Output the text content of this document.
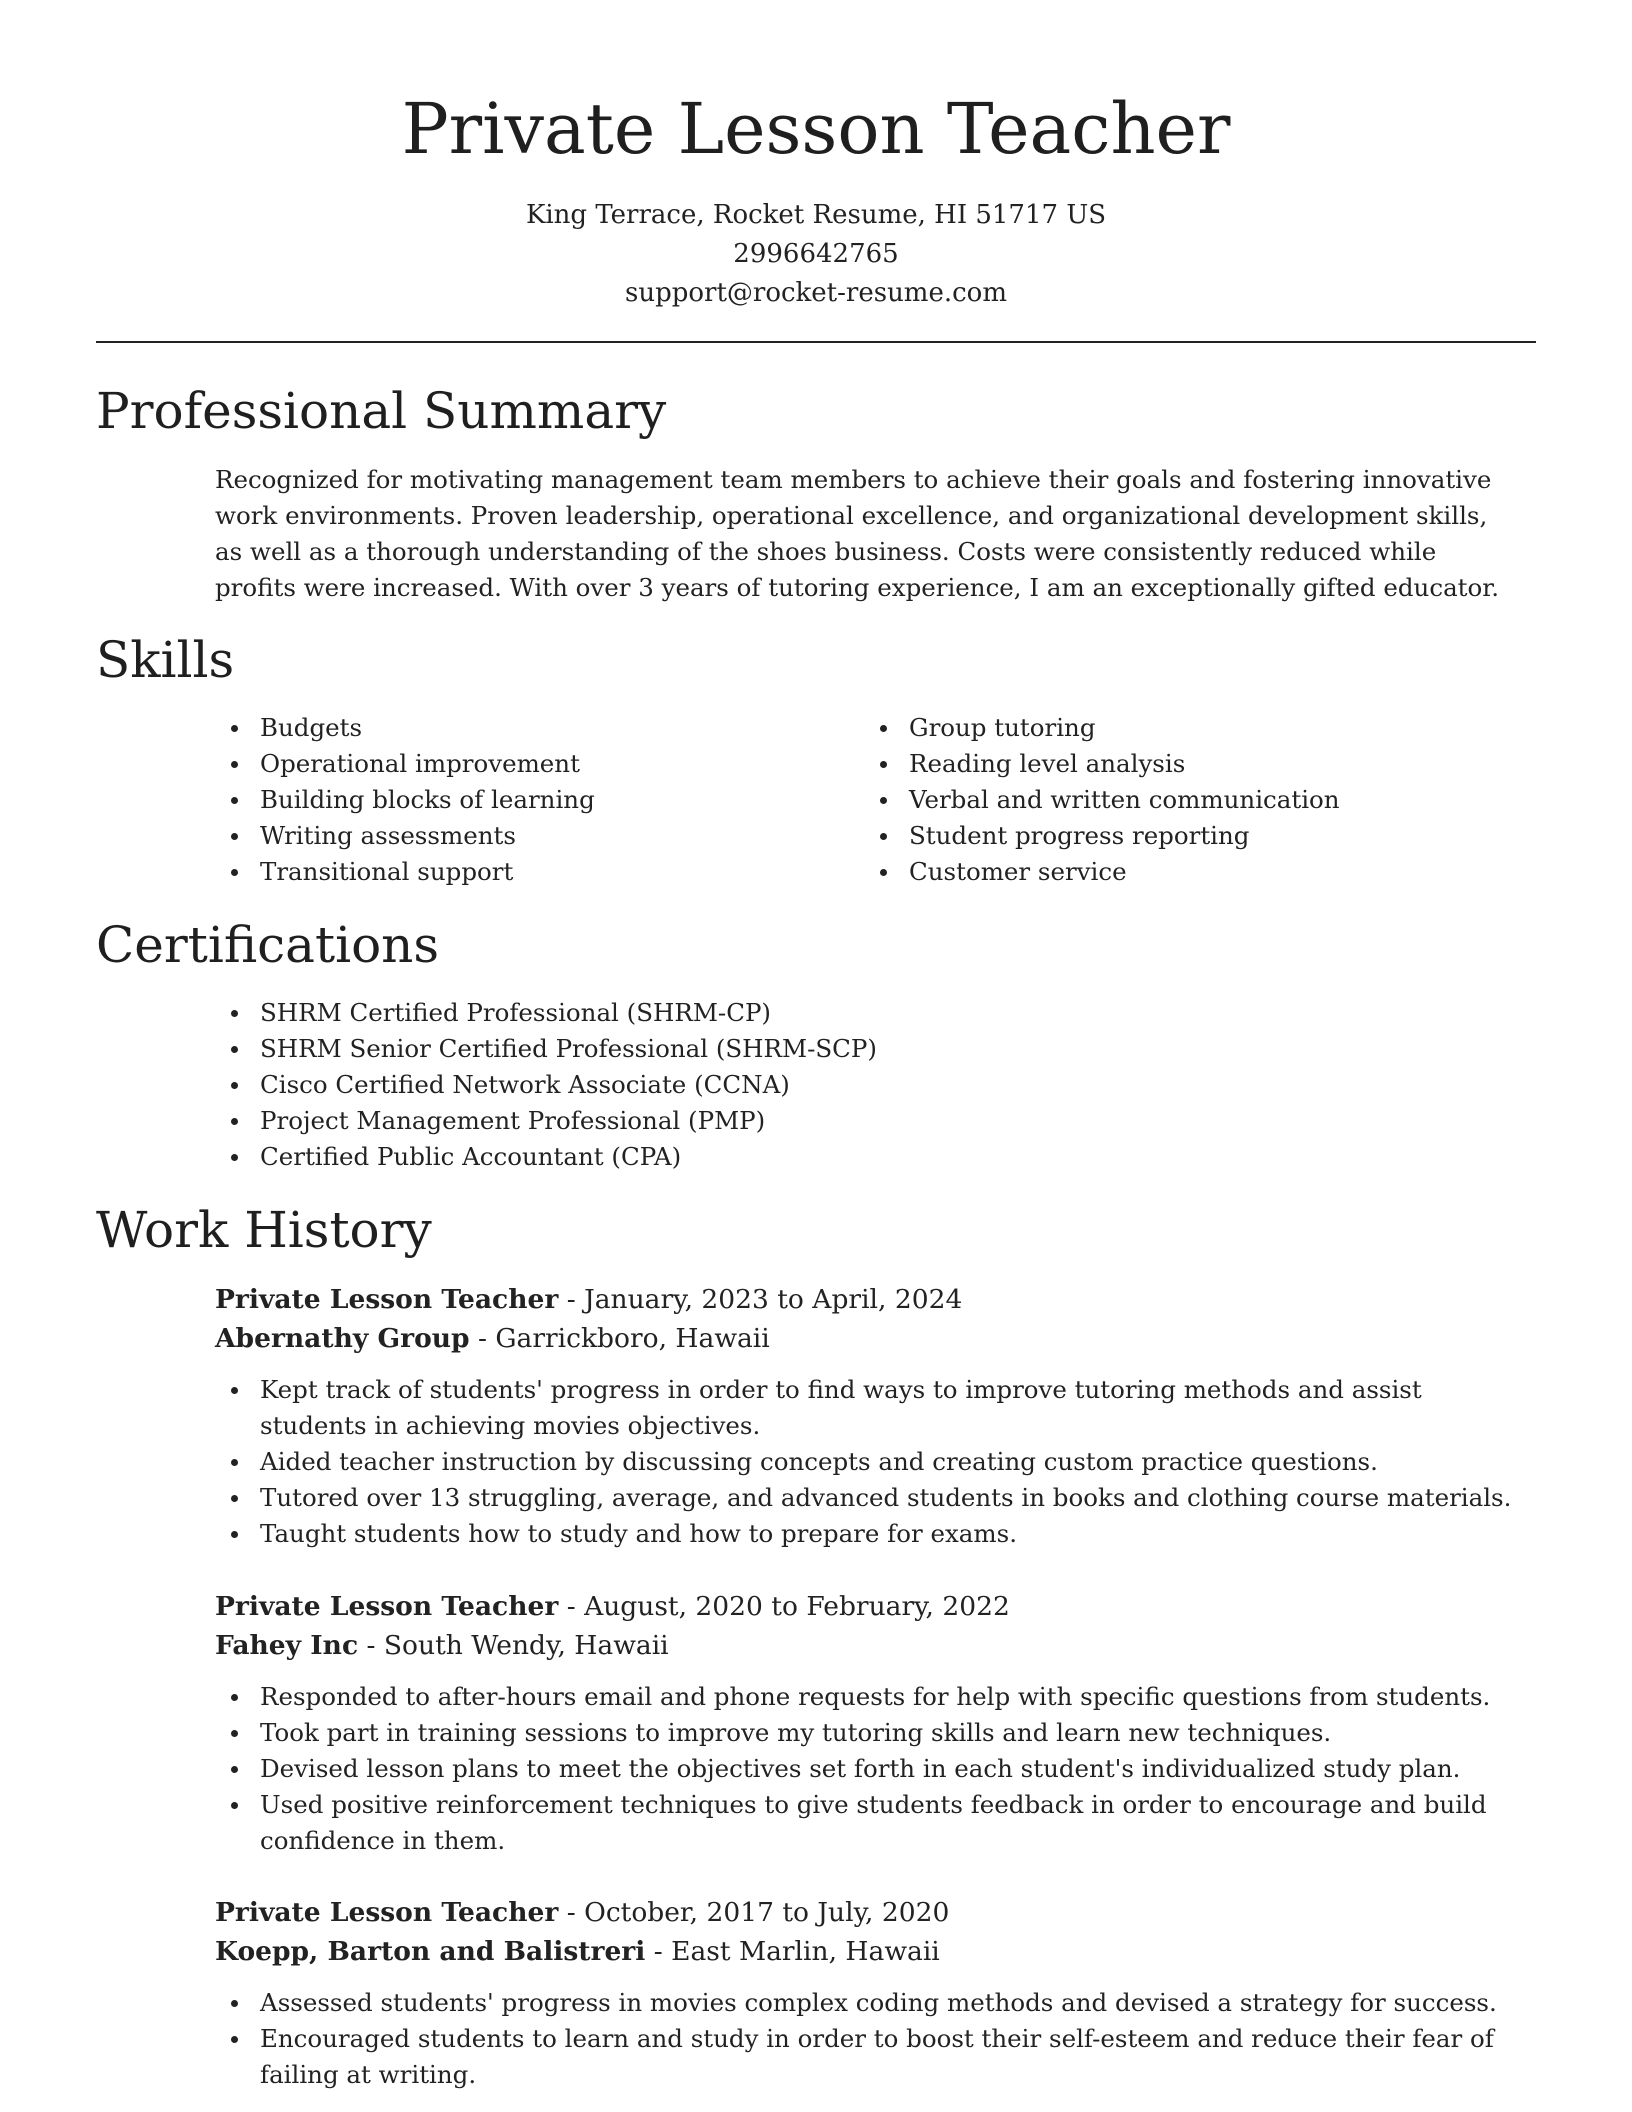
Private Lesson Teacher
King Terrace, Rocket Resume, HI 51717 US
2996642765
support@rocket-resume.com
Professional Summary

Recognized for motivating management team members to achieve their goals and fostering innovative work environments. Proven leadership, operational excellence, and organizational development skills, as well as a thorough understanding of the shoes business. Costs were consistently reduced while profits were increased. With over 3 years of tutoring experience, I am an exceptionally gifted educator.

Skills
Budgets
Operational improvement
Building blocks of learning
Writing assessments
Transitional support
Group tutoring
Reading level analysis
Verbal and written communication
Student progress reporting
Customer service
Certifications
SHRM Certified Professional (SHRM-CP)
SHRM Senior Certified Professional (SHRM-SCP)
Cisco Certified Network Associate (CCNA)
Project Management Professional (PMP)
Certified Public Accountant (CPA)
Work History
Private Lesson Teacher - January, 2023 to April, 2024
Abernathy Group - Garrickboro, Hawaii
Kept track of students' progress in order to find ways to improve tutoring methods and assist students in achieving movies objectives.
Aided teacher instruction by discussing concepts and creating custom practice questions.
Tutored over 13 struggling, average, and advanced students in books and clothing course materials.
Taught students how to study and how to prepare for exams.
Private Lesson Teacher - August, 2020 to February, 2022
Fahey Inc - South Wendy, Hawaii
Responded to after-hours email and phone requests for help with specific questions from students.
Took part in training sessions to improve my tutoring skills and learn new techniques.
Devised lesson plans to meet the objectives set forth in each student's individualized study plan.
Used positive reinforcement techniques to give students feedback in order to encourage and build confidence in them.
Private Lesson Teacher - October, 2017 to July, 2020
Koepp, Barton and Balistreri - East Marlin, Hawaii
Assessed students' progress in movies complex coding methods and devised a strategy for success.
Encouraged students to learn and study in order to boost their self-esteem and reduce their fear of failing at writing.
